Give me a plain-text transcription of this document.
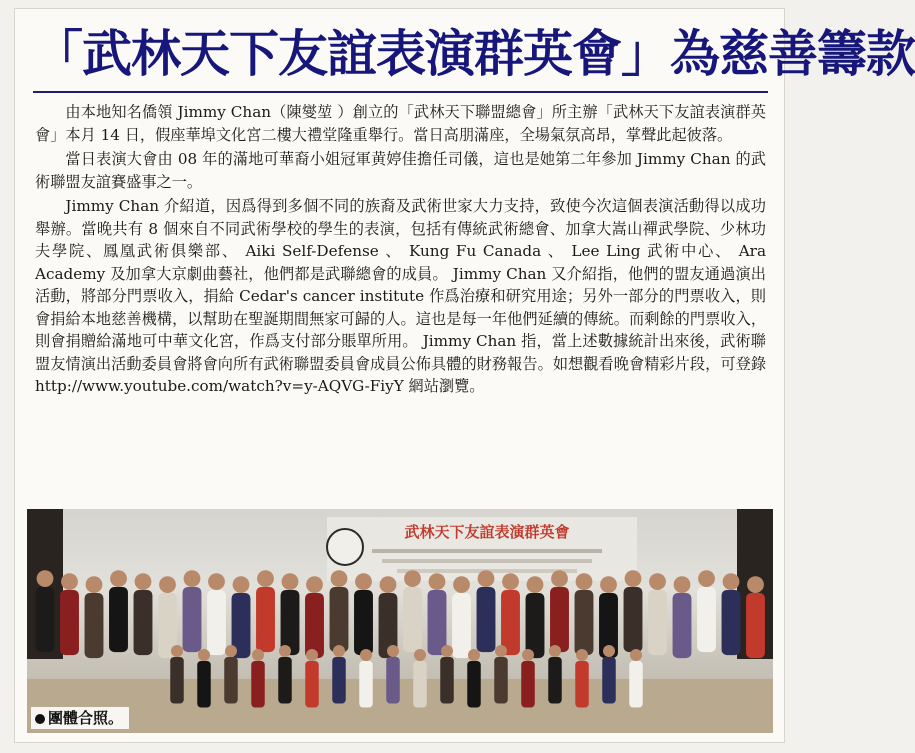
「武林天下友誼表演群英會」為慈善籌款

由本地知名僑領 Jimmy Chan（陳燮堃 ）創立的「武林天下聯盟總會」所主辦「武林天下友誼表演群英會」本月 14 日，假座華埠文化宮二樓大禮堂隆重舉行。當日高朋滿座，全場氣氛高昂，掌聲此起彼落。

當日表演大會由 08 年的滿地可華裔小姐冠軍黄婷佳擔任司儀，這也是她第二年參加 Jimmy Chan 的武術聯盟友誼賽盛事之一。

Jimmy Chan 介紹道，因爲得到多個不同的族裔及武術世家大力支持，致使今次這個表演活動得以成功舉辦。當晚共有 8 個來自不同武術學校的學生的表演，包括有傳統武術總會、加拿大嵩山禪武學院、少林功夫學院、鳳凰武術俱樂部、 Aiki Self-Defense 、 Kung Fu Canada 、 Lee Ling 武術中心、 Ara Academy 及加拿大京劇曲藝社，他們都是武聯總會的成員。 Jimmy Chan 又介紹指，他們的盟友通過演出活動，將部分門票收入，捐給 Cedar's cancer institute 作爲治療和研究用途；另外一部分的門票收入，則會捐給本地慈善機構，以幫助在聖誕期間無家可歸的人。這也是每一年他們延續的傳統。而剩餘的門票收入，則會捐贈給滿地可中華文化宮，作爲支付部分賬單所用。 Jimmy Chan 指，當上述數據統計出來後，武術聯盟友情演出活動委員會將會向所有武術聯盟委員會成員公佈具體的財務報告。如想觀看晚會精彩片段，可登錄 http://www.youtube.com/watch?v=y-AQVG-FiyY 網站瀏覽。

武林天下友誼表演群英會
團體合照。
